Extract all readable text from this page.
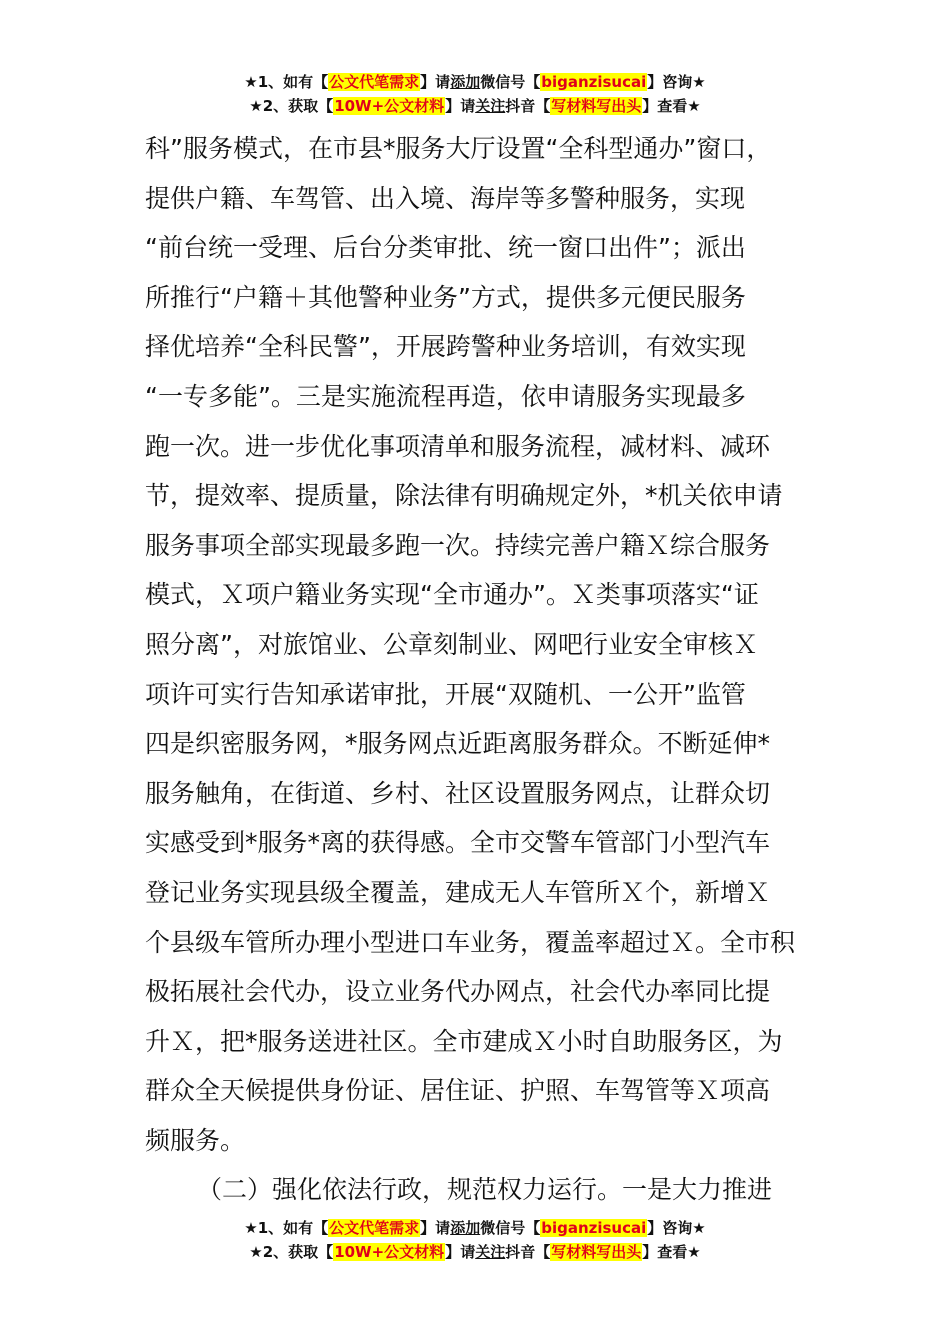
★1、如有【公文代笔需求】请添加微信号【biganzisucai】咨询★
★2、获取【10W+公文材料】请关注抖音【写材料写出头】查看★
科”服务模式，在市县*服务大厅设置“全科型通办”窗口，
提供户籍、车驾管、出入境、海岸等多警种服务，实现
“前台统一受理、后台分类审批、统一窗口出件”；派出
所推行“户籍＋其他警种业务”方式，提供多元便民服务
择优培养“全科民警”，开展跨警种业务培训，有效实现
“一专多能”。三是实施流程再造，依申请服务实现最多
跑一次。进一步优化事项清单和服务流程，减材料、减环
节，提效率、提质量，除法律有明确规定外，*机关依申请
服务事项全部实现最多跑一次。持续完善户籍Ｘ综合服务
模式，Ｘ项户籍业务实现“全市通办”。Ｘ类事项落实“证
照分离”，对旅馆业、公章刻制业、网吧行业安全审核Ｘ
项许可实行告知承诺审批，开展“双随机、一公开”监管
四是织密服务网，*服务网点近距离服务群众。不断延伸*
服务触角，在街道、乡村、社区设置服务网点，让群众切
实感受到*服务*离的获得感。全市交警车管部门小型汽车
登记业务实现县级全覆盖，建成无人车管所Ｘ个，新增Ｘ
个县级车管所办理小型进口车业务，覆盖率超过Ｘ。全市积
极拓展社会代办，设立业务代办网点，社会代办率同比提
升Ｘ，把*服务送进社区。全市建成Ｘ小时自助服务区，为
群众全天候提供身份证、居住证、护照、车驾管等Ｘ项高
频服务。
（二）强化依法行政，规范权力运行。一是大力推进
★1、如有【公文代笔需求】请添加微信号【biganzisucai】咨询★
★2、获取【10W+公文材料】请关注抖音【写材料写出头】查看★
